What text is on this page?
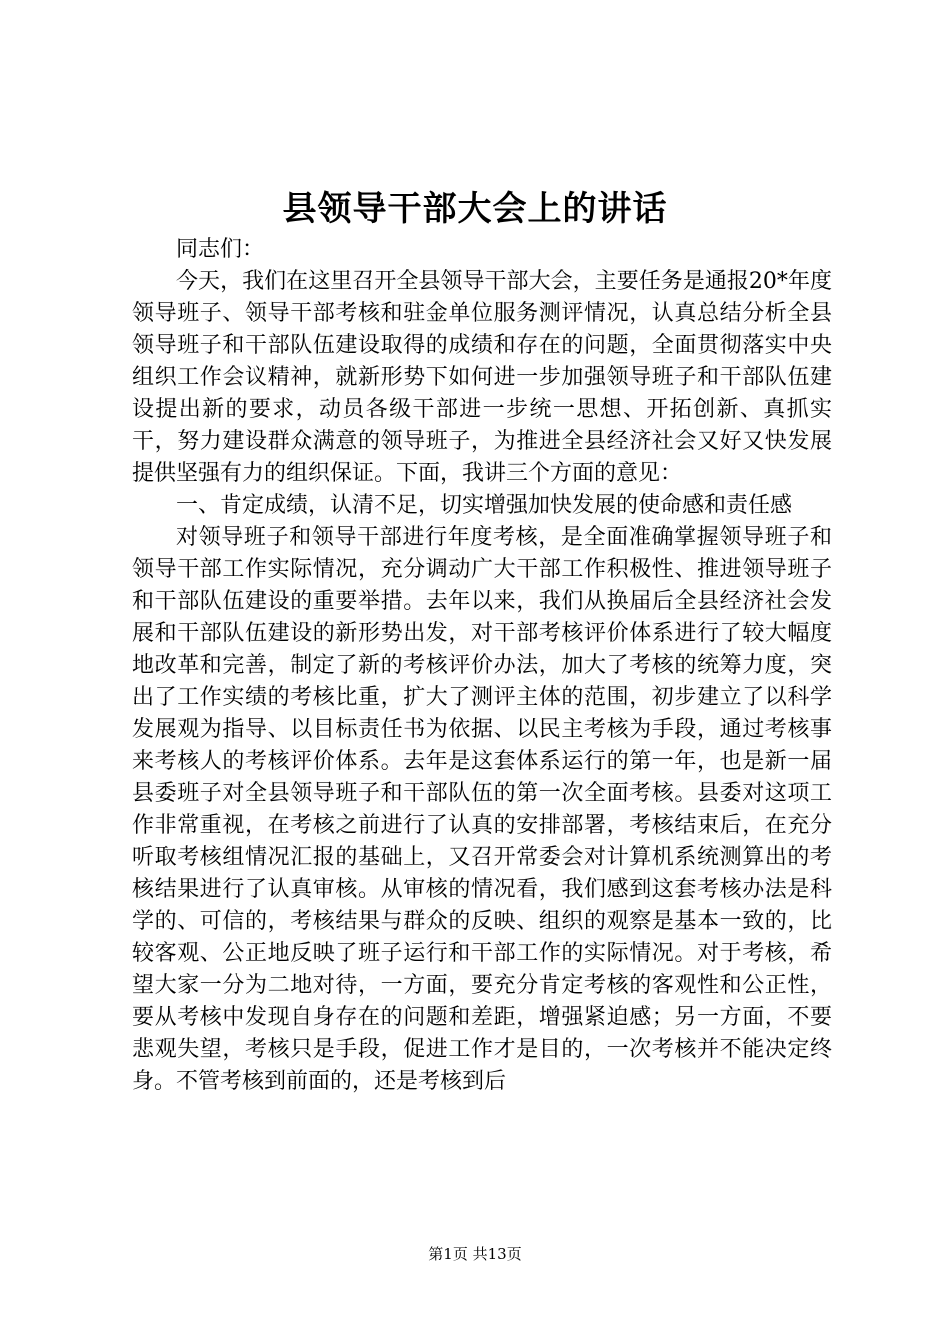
县领导干部大会上的讲话

同志们：

今天，我们在这里召开全县领导干部大会，主要任务是通报20*年度领导班子、领导干部考核和驻金单位服务测评情况，认真总结分析全县领导班子和干部队伍建设取得的成绩和存在的问题，全面贯彻落实中央组织工作会议精神，就新形势下如何进一步加强领导班子和干部队伍建设提出新的要求，动员各级干部进一步统一思想、开拓创新、真抓实干，努力建设群众满意的领导班子，为推进全县经济社会又好又快发展提供坚强有力的组织保证。下面，我讲三个方面的意见：

一、肯定成绩，认清不足，切实增强加快发展的使命感和责任感

对领导班子和领导干部进行年度考核，是全面准确掌握领导班子和领导干部工作实际情况，充分调动广大干部工作积极性、推进领导班子和干部队伍建设的重要举措。去年以来，我们从换届后全县经济社会发展和干部队伍建设的新形势出发，对干部考核评价体系进行了较大幅度地改革和完善，制定了新的考核评价办法，加大了考核的统筹力度，突出了工作实绩的考核比重，扩大了测评主体的范围，初步建立了以科学发展观为指导、以目标责任书为依据、以民主考核为手段，通过考核事来考核人的考核评价体系。去年是这套体系运行的第一年，也是新一届县委班子对全县领导班子和干部队伍的第一次全面考核。县委对这项工作非常重视，在考核之前进行了认真的安排部署，考核结束后，在充分听取考核组情况汇报的基础上，又召开常委会对计算机系统测算出的考核结果进行了认真审核。从审核的情况看，我们感到这套考核办法是科学的、可信的，考核结果与群众的反映、组织的观察是基本一致的，比较客观、公正地反映了班子运行和干部工作的实际情况。对于考核，希望大家一分为二地对待，一方面，要充分肯定考核的客观性和公正性，要从考核中发现自身存在的问题和差距，增强紧迫感；另一方面，不要悲观失望，考核只是手段，促进工作才是目的，一次考核并不能决定终身。不管考核到前面的，还是考核到后

第1页 共13页
